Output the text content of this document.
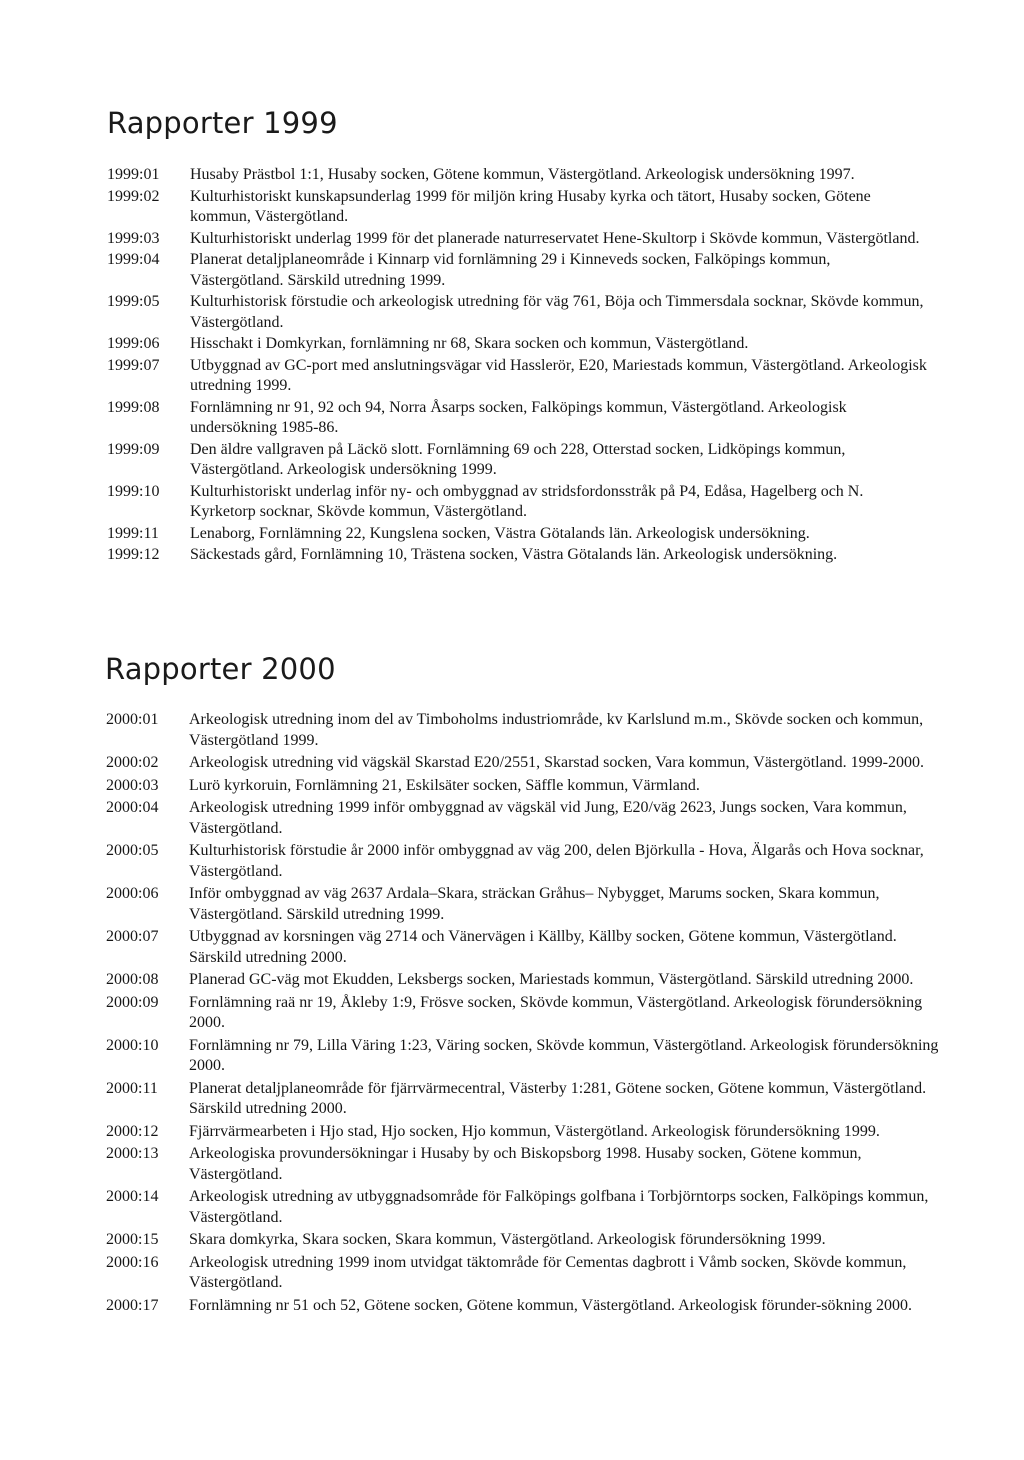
Rapporter 1999
1999:01	Husaby Prästbol 1:1, Husaby socken, Götene kommun, Västergötland. Arkeologisk undersökning 1997.
1999:02	Kulturhistoriskt kunskapsunderlag 1999 för miljön kring Husaby kyrka och tätort, Husaby socken, Götene kommun, Västergötland.
1999:03	Kulturhistoriskt underlag 1999 för det planerade naturreservatet Hene-Skultorp i Skövde kommun, Västergötland.
1999:04	Planerat detaljplaneområde i Kinnarp vid fornlämning 29 i Kinneveds socken, Falköpings kommun, Västergötland. Särskild utredning 1999.
1999:05	Kulturhistorisk förstudie och arkeologisk utredning för väg 761, Böja och Timmersdala socknar, Skövde kommun, Västergötland.
1999:06	Hisschakt i Domkyrkan, fornlämning nr 68, Skara socken och kommun, Västergötland.
1999:07	Utbyggnad av GC-port med anslutningsvägar vid Hasslerör, E20, Mariestads kommun, Västergötland. Arkeologisk utredning 1999.
1999:08	Fornlämning nr 91, 92 och 94, Norra Åsarps socken, Falköpings kommun, Västergötland. Arkeologisk undersökning 1985-86.
1999:09	Den äldre vallgraven på Läckö slott. Fornlämning 69 och 228, Otterstad socken, Lidköpings kommun, Västergötland. Arkeologisk undersökning 1999.
1999:10	Kulturhistoriskt underlag inför ny- och ombyggnad av stridsfordonsstråk på P4, Edåsa, Hagelberg och N. Kyrketorp socknar, Skövde kommun, Västergötland.
1999:11	Lenaborg, Fornlämning 22, Kungslena socken, Västra Götalands län. Arkeologisk undersökning.
1999:12	Säckestads gård, Fornlämning 10, Trästena socken, Västra Götalands län. Arkeologisk undersökning.
Rapporter 2000
2000:01	Arkeologisk utredning inom del av Timboholms industriområde, kv Karlslund m.m., Skövde socken och kommun, Västergötland 1999.
2000:02	Arkeologisk utredning vid vägskäl Skarstad E20/2551, Skarstad socken, Vara kommun, Västergötland. 1999-2000.
2000:03	Lurö kyrkoruin, Fornlämning 21, Eskilsäter socken, Säffle kommun, Värmland.
2000:04	Arkeologisk utredning 1999 inför ombyggnad av vägskäl vid Jung, E20/väg 2623, Jungs socken, Vara kommun, Västergötland.
2000:05	Kulturhistorisk förstudie år 2000 inför ombyggnad av väg 200, delen Björkulla - Hova, Älgarås och Hova socknar, Västergötland.
2000:06	Inför ombyggnad av väg 2637 Ardala–Skara, sträckan Gråhus– Nybygget, Marums socken, Skara kommun, Västergötland. Särskild utredning 1999.
2000:07	Utbyggnad av korsningen väg 2714 och Vänervägen i Källby, Källby socken, Götene kommun, Västergötland. Särskild utredning 2000.
2000:08	Planerad GC-väg mot Ekudden, Leksbergs socken, Mariestads kommun, Västergötland. Särskild utredning 2000.
2000:09	Fornlämning raä nr 19, Åkleby 1:9, Frösve socken, Skövde kommun, Västergötland. Arkeologisk förundersökning 2000.
2000:10	Fornlämning nr 79, Lilla Väring 1:23, Väring socken, Skövde kommun, Västergötland. Arkeologisk förundersökning 2000.
2000:11	Planerat detaljplaneområde för fjärrvärmecentral, Västerby 1:281, Götene socken, Götene kommun, Västergötland. Särskild utredning 2000.
2000:12	Fjärrvärmearbeten i Hjo stad, Hjo socken, Hjo kommun, Västergötland. Arkeologisk förundersökning 1999.
2000:13	Arkeologiska provundersökningar i Husaby by och Biskopsborg 1998. Husaby socken, Götene kommun, Västergötland.
2000:14	Arkeologisk utredning av utbyggnadsområde för Falköpings golfbana i Torbjörntorps socken, Falköpings kommun, Västergötland.
2000:15	Skara domkyrka, Skara socken, Skara kommun, Västergötland. Arkeologisk förundersökning 1999.
2000:16	Arkeologisk utredning 1999 inom utvidgat täktområde för Cementas dagbrott i Våmb socken, Skövde kommun, Västergötland.
2000:17	Fornlämning nr 51 och 52, Götene socken, Götene kommun, Västergötland. Arkeologisk förunder-sökning 2000.
